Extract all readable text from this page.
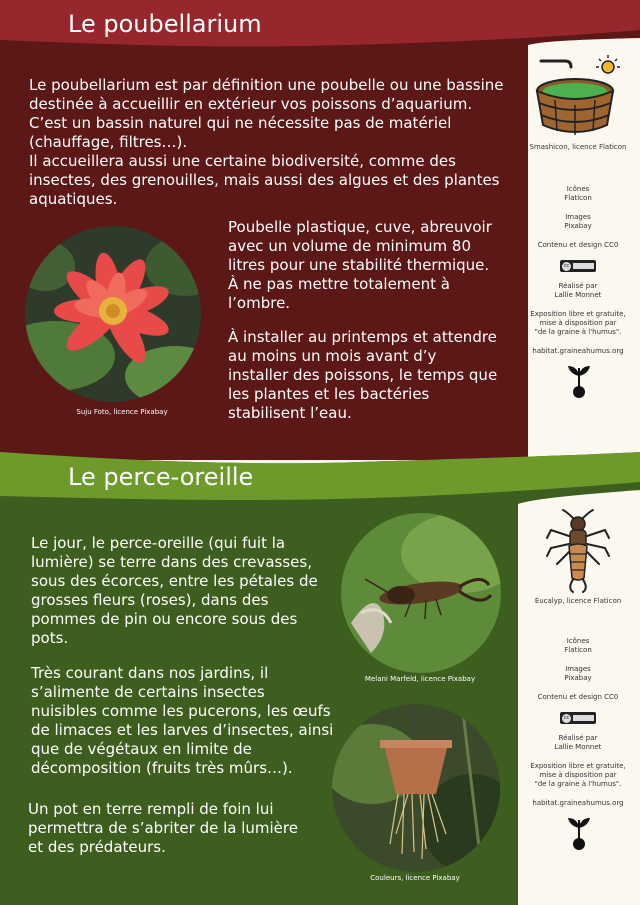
Le poubellarium

Le poubellarium est par définition une poubelle ou une bassine destinée à accueillir en extérieur vos poissons d’aquarium. C’est un bassin naturel qui ne nécessite pas de matériel (chauffage, filtres…).

Il accueillera aussi une certaine biodiversité, comme des insectes, des grenouilles, mais aussi des algues et des plantes aquatiques.

Poubelle plastique, cuve, abreuvoir avec un volume de minimum 80 litres pour une stabilité thermique. À ne pas mettre totalement à l’ombre.
À installer au printemps et attendre au moins un mois avant d’y installer des poissons, le temps que les plantes et les bactéries stabilisent l’eau.
Suju Foto, licence Pixabay
Smashicon, licence Flaticon
Icônes
Flaticon
Images
Pixabay
Contenu et design CC0
cc
Réalisé par
Lallie Monnet
Exposition libre et gratuite,
mise à disposition par
"de la graine à l'humus".
habitat.graineahumus.org
Le perce-oreille
Le jour, le perce-oreille (qui fuit la lumière) se terre dans des crevasses, sous des écorces, entre les pétales de grosses fleurs (roses), dans des pommes de pin ou encore sous des pots.
Très courant dans nos jardins, il s’alimente de certains insectes nuisibles comme les pucerons, les œufs de limaces et les larves d’insectes, ainsi que de végétaux en limite de décomposition (fruits très mûrs…).
Un pot en terre rempli de foin lui permettra de s’abriter de la lumière et des prédateurs.
Melani Marfeld, licence Pixabay
Couleurs, licence Pixabay
Eucalyp, licence Flaticon
Icônes
Flaticon
Images
Pixabay
Contenu et design CC0
cc
Réalisé par
Lallie Monnet
Exposition libre et gratuite,
mise à disposition par
"de la graine à l'humus".
habitat.graineahumus.org
